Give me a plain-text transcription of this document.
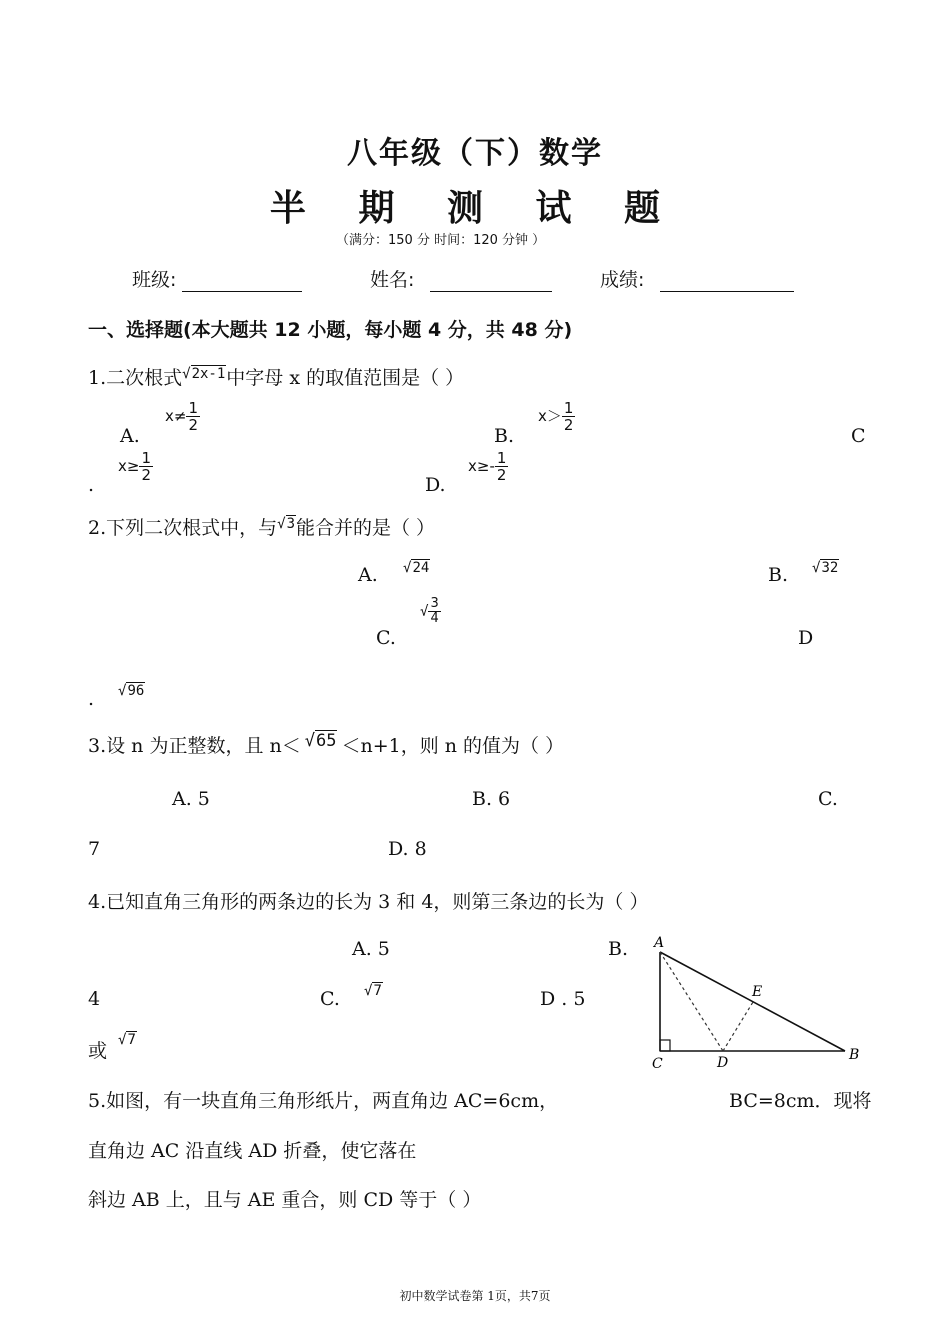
八年级（下）数学
半 期 测 试 题
（满分：150 分 时间：120 分钟 ）
班级:	姓名:	成绩:
一、选择题(本大题共 12 小题，每小题 4 分，共 48 分)
1.二次根式$^{√2x-1}$中字母 x 的取值范围是（ ）
A.
$x\ne \frac{1}{2}$
B.
$x> \frac{1}{2}$
C
$x\ge \frac{1}{2}$
.	D.
$x\ge- \frac{1}{2}$
2.下列二次根式中，与$^{√3}$能合并的是（ ）
A. √24	B. √32
C.
√ $\frac{3}{4}$
D
. √96
3.设 n 为正整数，且 n＜ √65 ＜n+1，则 n 的值为（ ）
A. 5	B. 6	C.
7	D. 8
4.已知直角三角形的两条边的长为 3 和 4，则第三条边的长为（ ）
A. 5	B.
4	C. √7	D . 5
或 √7
A
C	D
E
B
5.如图，有一块直角三角形纸片，两直角边 AC=6cm，	BC=8cm．现将
直角边 AC 沿直线 AD 折叠，使它落在
斜边 AB 上，且与 AE 重合，则 CD 等于（ ）
初中数学试卷第 1页，共7页
